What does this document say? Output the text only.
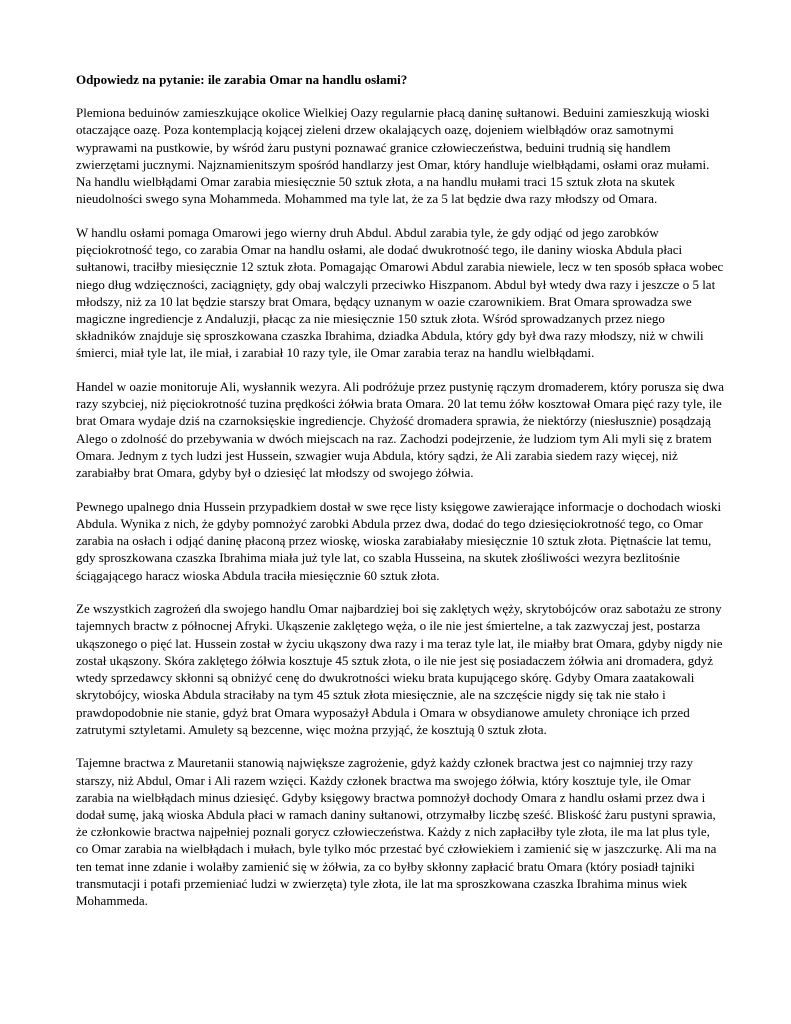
Odpowiedz na pytanie: ile zarabia Omar na handlu osłami?

Plemiona beduinów zamieszkujące okolice Wielkiej Oazy regularnie płacą daninę sułtanowi. Beduini zamieszkują wioski otaczające oazę. Poza kontemplacją kojącej zieleni drzew okalających oazę, dojeniem wielbłądów oraz samotnymi wyprawami na pustkowie, by wśród żaru pustyni poznawać granice człowieczeństwa, beduini trudnią się handlem zwierzętami jucznymi. Najznamienitszym spośród handlarzy jest Omar, który handluje wielbłądami, osłami oraz mułami. Na handlu wielbłądami Omar zarabia miesięcznie 50 sztuk złota, a na handlu mułami traci 15 sztuk złota na skutek nieudolności swego syna Mohammeda. Mohammed ma tyle lat, że za 5 lat będzie dwa razy młodszy od Omara.

W handlu osłami pomaga Omarowi jego wierny druh Abdul. Abdul zarabia tyle, że gdy odjąć od jego zarobków pięciokrotność tego, co zarabia Omar na handlu osłami, ale dodać dwukrotność tego, ile daniny wioska Abdula płaci sułtanowi, traciłby miesięcznie 12 sztuk złota. Pomagając Omarowi Abdul zarabia niewiele, lecz w ten sposób spłaca wobec niego dług wdzięczności, zaciągnięty, gdy obaj walczyli przeciwko Hiszpanom. Abdul był wtedy dwa razy i jeszcze o 5 lat młodszy, niż za 10 lat będzie starszy brat Omara, będący uznanym w oazie czarownikiem. Brat Omara sprowadza swe magiczne ingrediencje z Andaluzji, płacąc za nie miesięcznie 150 sztuk złota. Wśród sprowadzanych przez niego składników znajduje się sproszkowana czaszka Ibrahima, dziadka Abdula, który gdy był dwa razy młodszy, niż w chwili śmierci, miał tyle lat, ile miał, i zarabiał 10 razy tyle, ile Omar zarabia teraz na handlu wielbłądami.

Handel w oazie monitoruje Ali, wysłannik wezyra. Ali podróżuje przez pustynię rączym dromaderem, który porusza się dwa razy szybciej, niż pięciokrotność tuzina prędkości żółwia brata Omara. 20 lat temu żółw kosztował Omara pięć razy tyle, ile brat Omara wydaje dziś na czarnoksięskie ingrediencje. Chyżość dromadera sprawia, że niektórzy (niesłusznie) posądzają Alego o zdolność do przebywania w dwóch miejscach na raz. Zachodzi podejrzenie, że ludziom tym Ali myli się z bratem Omara. Jednym z tych ludzi jest Hussein, szwagier wuja Abdula, który sądzi, że Ali zarabia siedem razy więcej, niż zarabiałby brat Omara, gdyby był o dziesięć lat młodszy od swojego żółwia.

Pewnego upalnego dnia Hussein przypadkiem dostał w swe ręce listy księgowe zawierające informacje o dochodach wioski Abdula. Wynika z nich, że gdyby pomnożyć zarobki Abdula przez dwa, dodać do tego dziesięciokrotność tego, co Omar zarabia na osłach i odjąć daninę płaconą przez wioskę, wioska zarabiałaby miesięcznie 10 sztuk złota. Piętnaście lat temu, gdy sproszkowana czaszka Ibrahima miała już tyle lat, co szabla Husseina, na skutek złośliwości wezyra bezlitośnie ściągającego haracz wioska Abdula traciła miesięcznie 60 sztuk złota.

Ze wszystkich zagrożeń dla swojego handlu Omar najbardziej boi się zaklętych węży, skrytobójców oraz sabotażu ze strony tajemnych bractw z północnej Afryki. Ukąszenie zaklętego węża, o ile nie jest śmiertelne, a tak zazwyczaj jest, postarza ukąszonego o pięć lat. Hussein został w życiu ukąszony dwa razy i ma teraz tyle lat, ile miałby brat Omara, gdyby nigdy nie został ukąszony. Skóra zaklętego żółwia kosztuje 45 sztuk złota, o ile nie jest się posiadaczem żółwia ani dromadera, gdyż wtedy sprzedawcy skłonni są obniżyć cenę do dwukrotności wieku brata kupującego skórę. Gdyby Omara zaatakowali skrytobójcy, wioska Abdula straciłaby na tym 45 sztuk złota miesięcznie, ale na szczęście nigdy się tak nie stało i prawdopodobnie nie stanie, gdyż brat Omara wyposażył Abdula i Omara w obsydianowe amulety chroniące ich przed zatrutymi sztyletami. Amulety są bezcenne, więc można przyjąć, że kosztują 0 sztuk złota.

Tajemne bractwa z Mauretanii stanowią największe zagrożenie, gdyż każdy członek bractwa jest co najmniej trzy razy starszy, niż Abdul, Omar i Ali razem wzięci. Każdy członek bractwa ma swojego żółwia, który kosztuje tyle, ile Omar zarabia na wielbłądach minus dziesięć. Gdyby księgowy bractwa pomnożył dochody Omara z handlu osłami przez dwa i dodał sumę, jaką wioska Abdula płaci w ramach daniny sułtanowi, otrzymałby liczbę sześć. Bliskość żaru pustyni sprawia, że członkowie bractwa najpełniej poznali gorycz człowieczeństwa. Każdy z nich zapłaciłby tyle złota, ile ma lat plus tyle, co Omar zarabia na wielbłądach i mułach, byle tylko móc przestać być człowiekiem i zamienić się w jaszczurkę. Ali ma na ten temat inne zdanie i wolałby zamienić się w żółwia, za co byłby skłonny zapłacić bratu Omara (który posiadł tajniki transmutacji i potafi przemieniać ludzi w zwierzęta) tyle złota, ile lat ma sproszkowana czaszka Ibrahima minus wiek Mohammeda.
